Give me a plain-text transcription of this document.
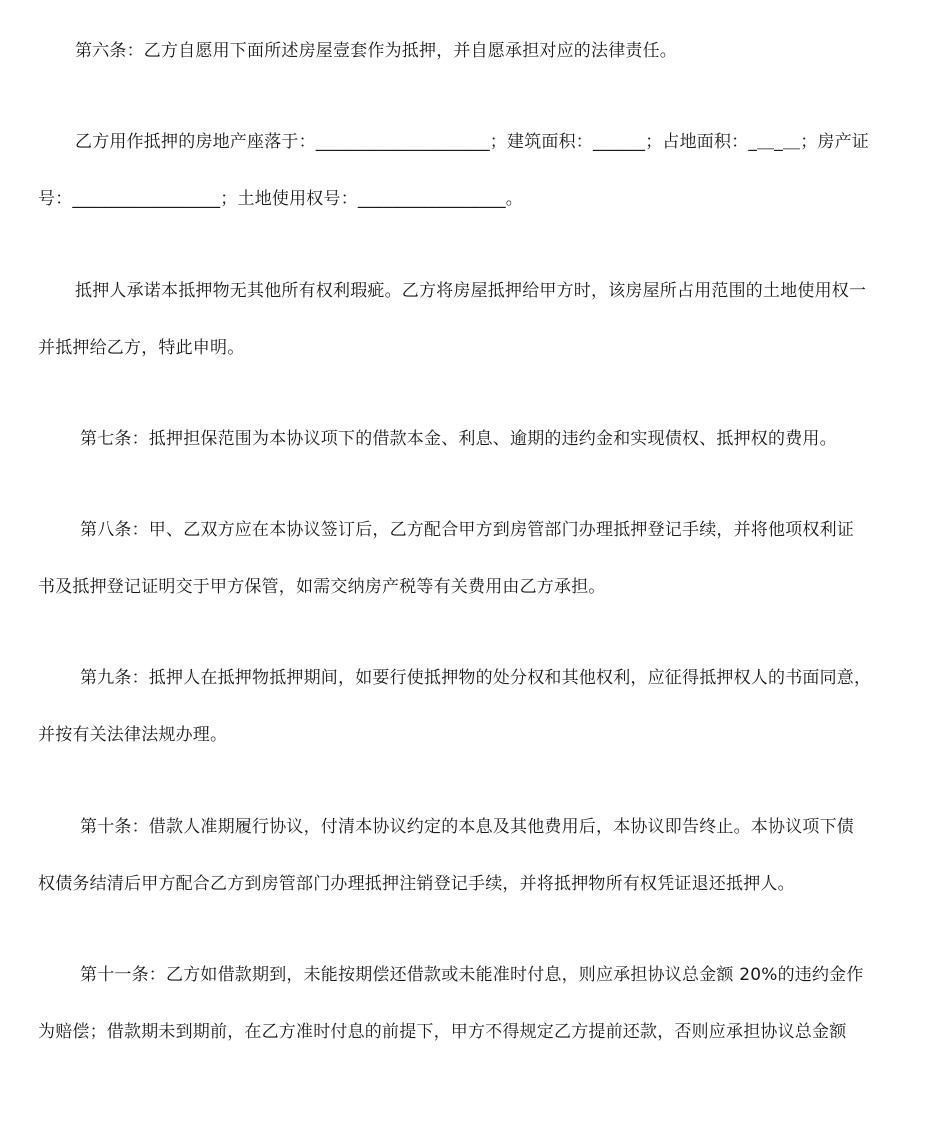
第六条：乙方自愿用下面所述房屋壹套作为抵押，并自愿承担对应的法律责任。
乙方用作抵押的房地产座落于：____________________；建筑面积：______；占地面积：_＿_＿；房产证
号：_________________；土地使用权号：_________________。
抵押人承诺本抵押物无其他所有权利瑕疵。乙方将房屋抵押给甲方时，该房屋所占用范围的土地使用权一
并抵押给乙方，特此申明。
第七条：抵押担保范围为本协议项下的借款本金、利息、逾期的违约金和实现债权、抵押权的费用。
第八条：甲、乙双方应在本协议签订后，乙方配合甲方到房管部门办理抵押登记手续，并将他项权利证
书及抵押登记证明交于甲方保管，如需交纳房产税等有关费用由乙方承担。
第九条：抵押人在抵押物抵押期间，如要行使抵押物的处分权和其他权利，应征得抵押权人的书面同意，
并按有关法律法规办理。
第十条：借款人准期履行协议，付清本协议约定的本息及其他费用后，本协议即告终止。本协议项下债
权债务结清后甲方配合乙方到房管部门办理抵押注销登记手续，并将抵押物所有权凭证退还抵押人。
第十一条：乙方如借款期到，未能按期偿还借款或未能准时付息，则应承担协议总金额 20%的违约金作
为赔偿；借款期未到期前，在乙方准时付息的前提下，甲方不得规定乙方提前还款，否则应承担协议总金额
